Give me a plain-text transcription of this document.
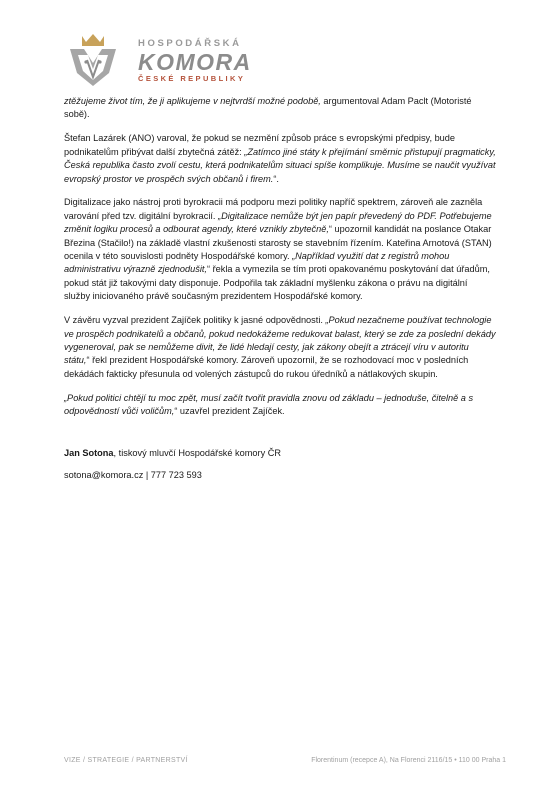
HOSPODÁŘSKÁ
KOMORA
ČESKÉ REPUBLIKY

ztěžujeme život tím, že ji aplikujeme v nejtvrdší možné podobě, argumentoval Adam Paclt (Motoristé sobě).

Štefan Lazárek (ANO) varoval, že pokud se nezmění způsob práce s evropskými předpisy, bude podnikatelům přibývat další zbytečná zátěž: „Zatímco jiné státy k přejímání směrnic přistupují pragmaticky, Česká republika často zvolí cestu, která podnikatelům situaci spíše komplikuje. Musíme se naučit využívat evropský prostor ve prospěch svých občanů i firem.“.

Digitalizace jako nástroj proti byrokracii má podporu mezi politiky napříč spektrem, zároveň ale zazněla varování před tzv. digitální byrokracií. „Digitalizace nemůže být jen papír převedený do PDF. Potřebujeme změnit logiku procesů a odbourat agendy, které vznikly zbytečně,“ upozornil kandidát na poslance Otakar Březina (Stačilo!) na základě vlastní zkušenosti starosty se stavebním řízením. Kateřina Arnotová (STAN) ocenila v této souvislosti podněty Hospodářské komory. „Například využití dat z registrů mohou administrativu výrazně zjednodušit,“ řekla a vymezila se tím proti opakovanému poskytování dat úřadům, pokud stát již takovými daty disponuje. Podpořila tak základní myšlenku zákona o právu na digitální služby iniciovaného právě současným prezidentem Hospodářské komory.

V závěru vyzval prezident Zajíček politiky k jasné odpovědnosti. „Pokud nezačneme používat technologie ve prospěch podnikatelů a občanů, pokud nedokážeme redukovat balast, který se zde za poslední dekády vygeneroval, pak se nemůžeme divit, že lidé hledají cesty, jak zákony obejít a ztrácejí víru v autoritu státu,“ řekl prezident Hospodářské komory. Zároveň upozornil, že se rozhodovací moc v posledních dekádách fakticky přesunula od volených zástupců do rukou úředníků a nátlakových skupin.

„Pokud politici chtějí tu moc zpět, musí začít tvořit pravidla znovu od základu – jednoduše, čitelně a s odpovědností vůči voličům,“ uzavřel prezident Zajíček.

Jan Sotona, tiskový mluvčí Hospodářské komory ČR

sotona@komora.cz | 777 723 593

VIZE / STRATEGIE / PARTNERSTVÍ	Florentinum (recepce A), Na Florenci 2116/15 • 110 00 Praha 1
